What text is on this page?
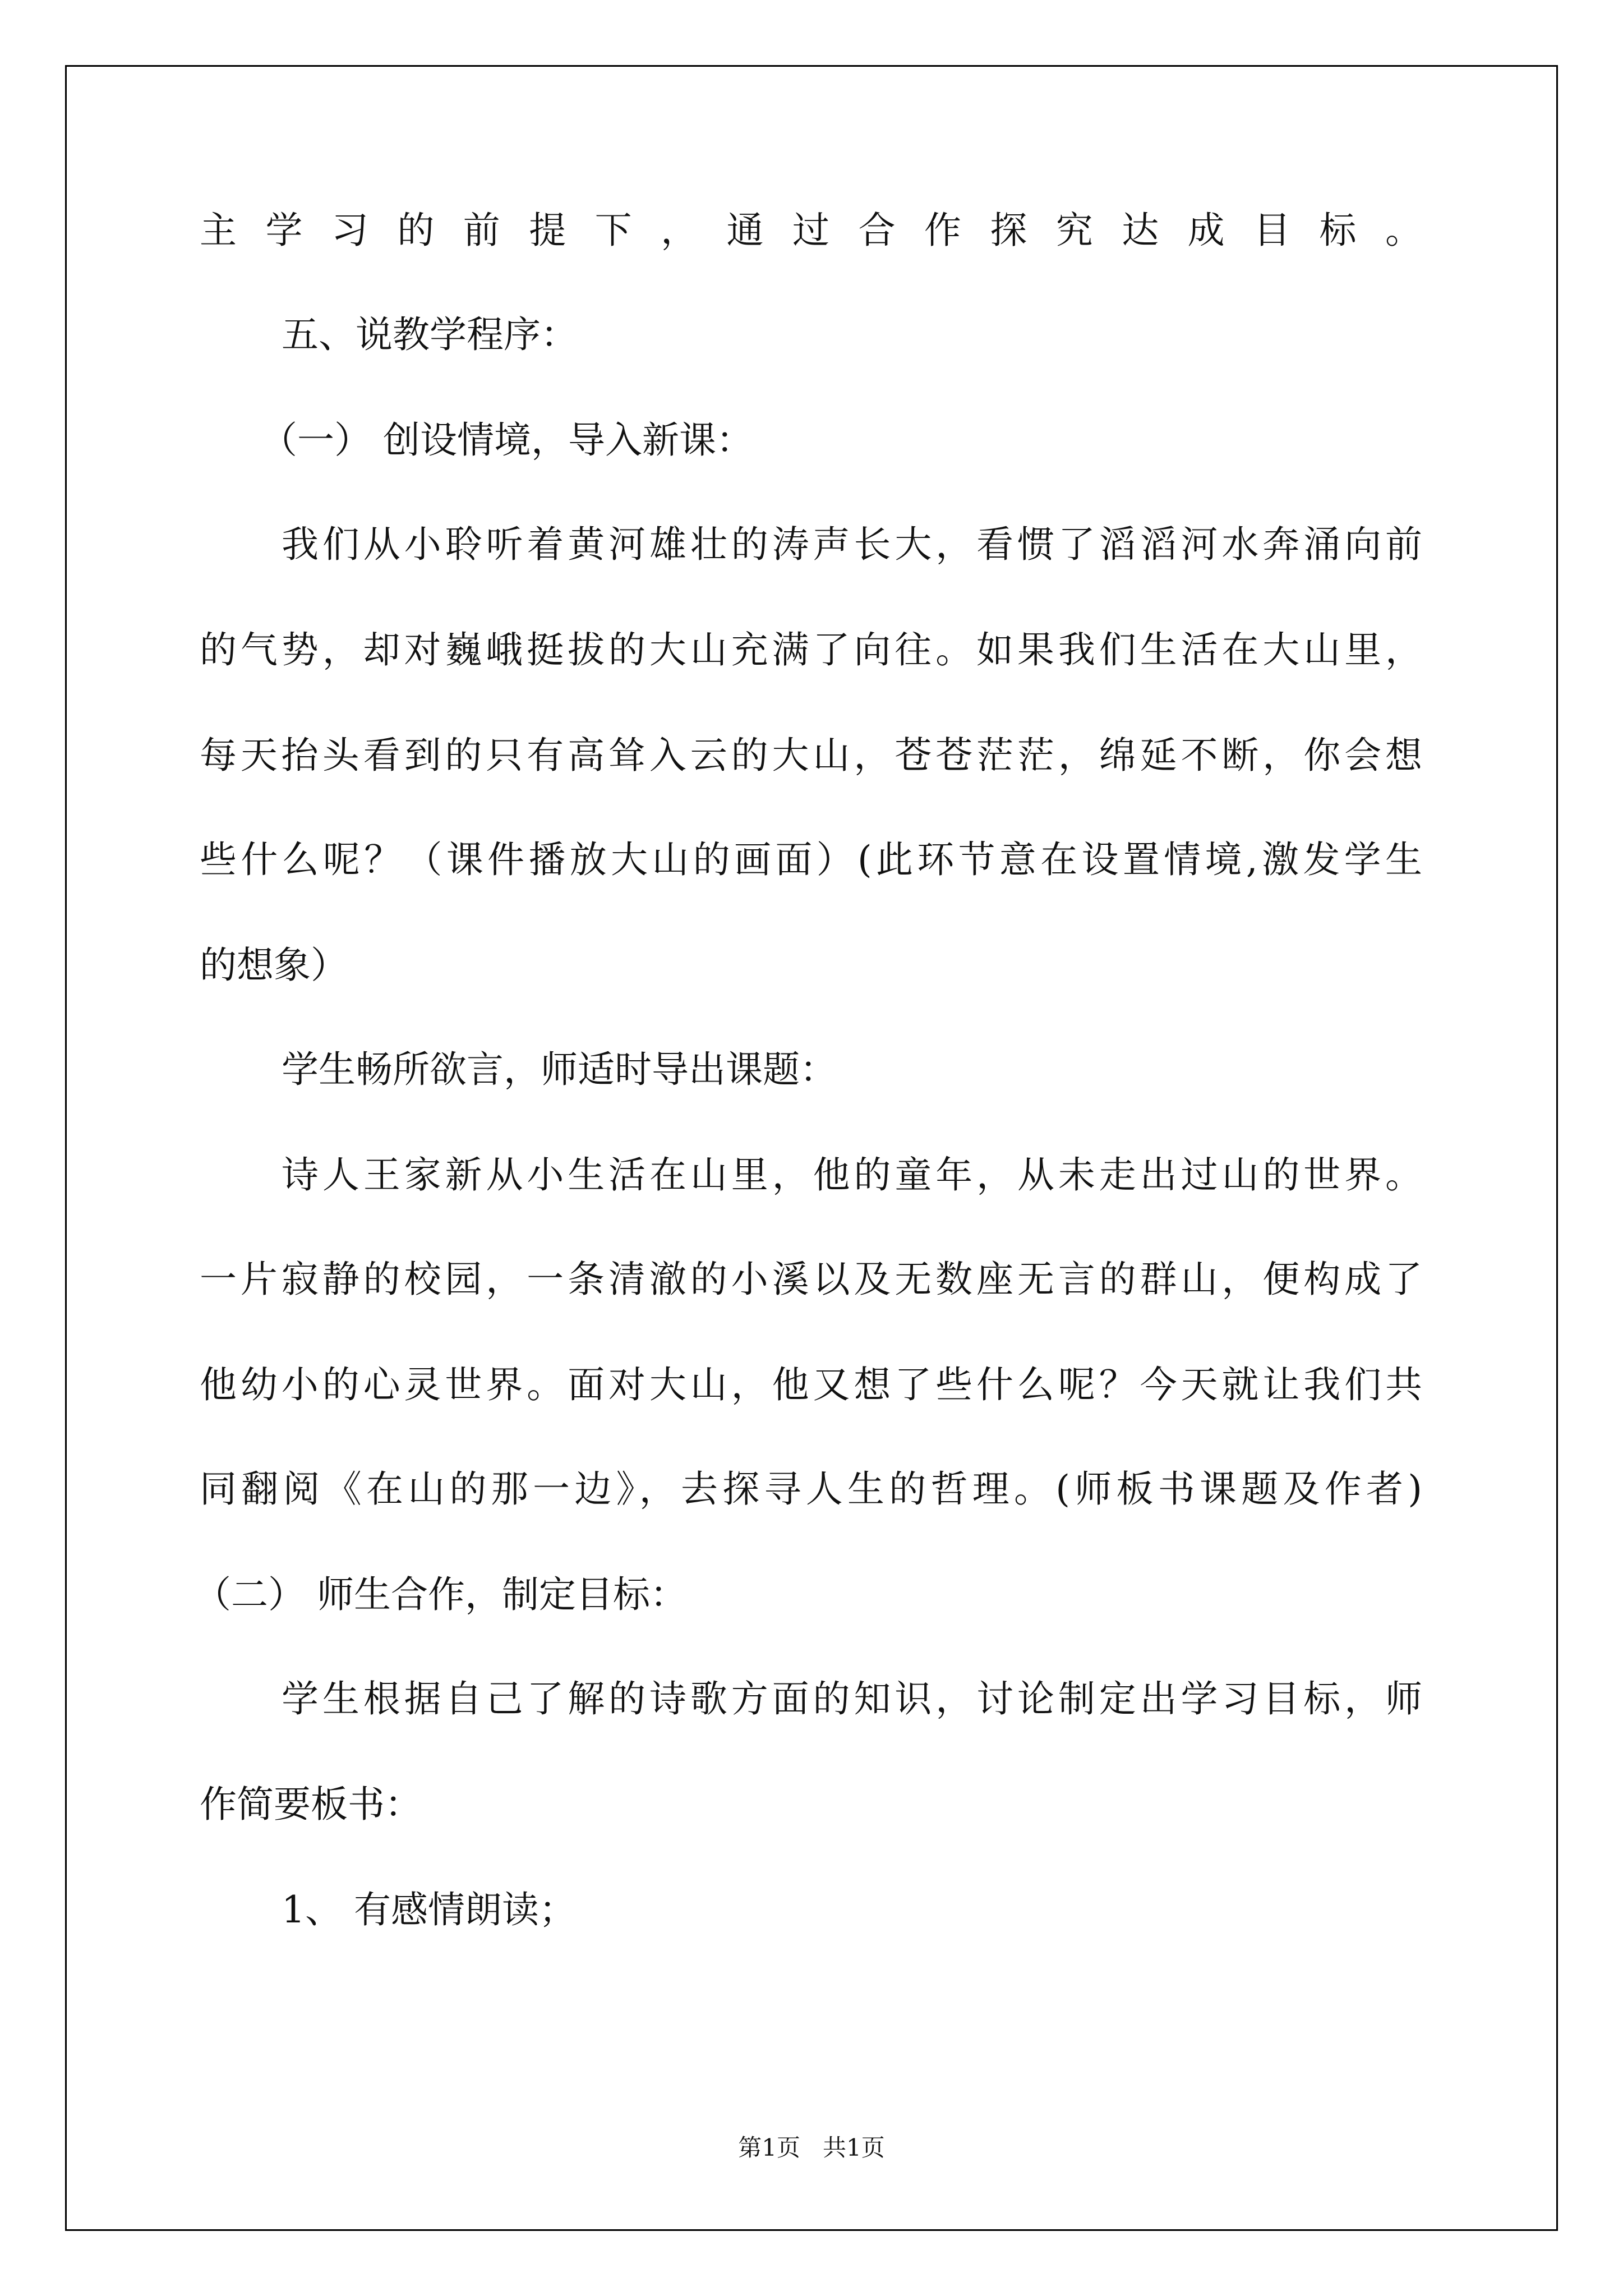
主学习的前提下，通过合作探究达成目标。
五、说教学程序：
（一） 创设情境，导入新课：
我们从小聆听着黄河雄壮的涛声长大，看惯了滔滔河水奔涌向前
的气势，却对巍峨挺拔的大山充满了向往。如果我们生活在大山里，
每天抬头看到的只有高耸入云的大山，苍苍茫茫，绵延不断，你会想
些什么呢？（课件播放大山的画面）(此环节意在设置情境,激发学生
的想象）
学生畅所欲言，师适时导出课题：
诗人王家新从小生活在山里，他的童年，从未走出过山的世界。
一片寂静的校园，一条清澈的小溪以及无数座无言的群山，便构成了
他幼小的心灵世界。面对大山，他又想了些什么呢？今天就让我们共
同翻阅《在山的那一边》，去探寻人生的哲理。(师板书课题及作者)
（二） 师生合作，制定目标：
学生根据自己了解的诗歌方面的知识，讨论制定出学习目标，师
作简要板书：
1、 有感情朗读；
第1页   共1页
